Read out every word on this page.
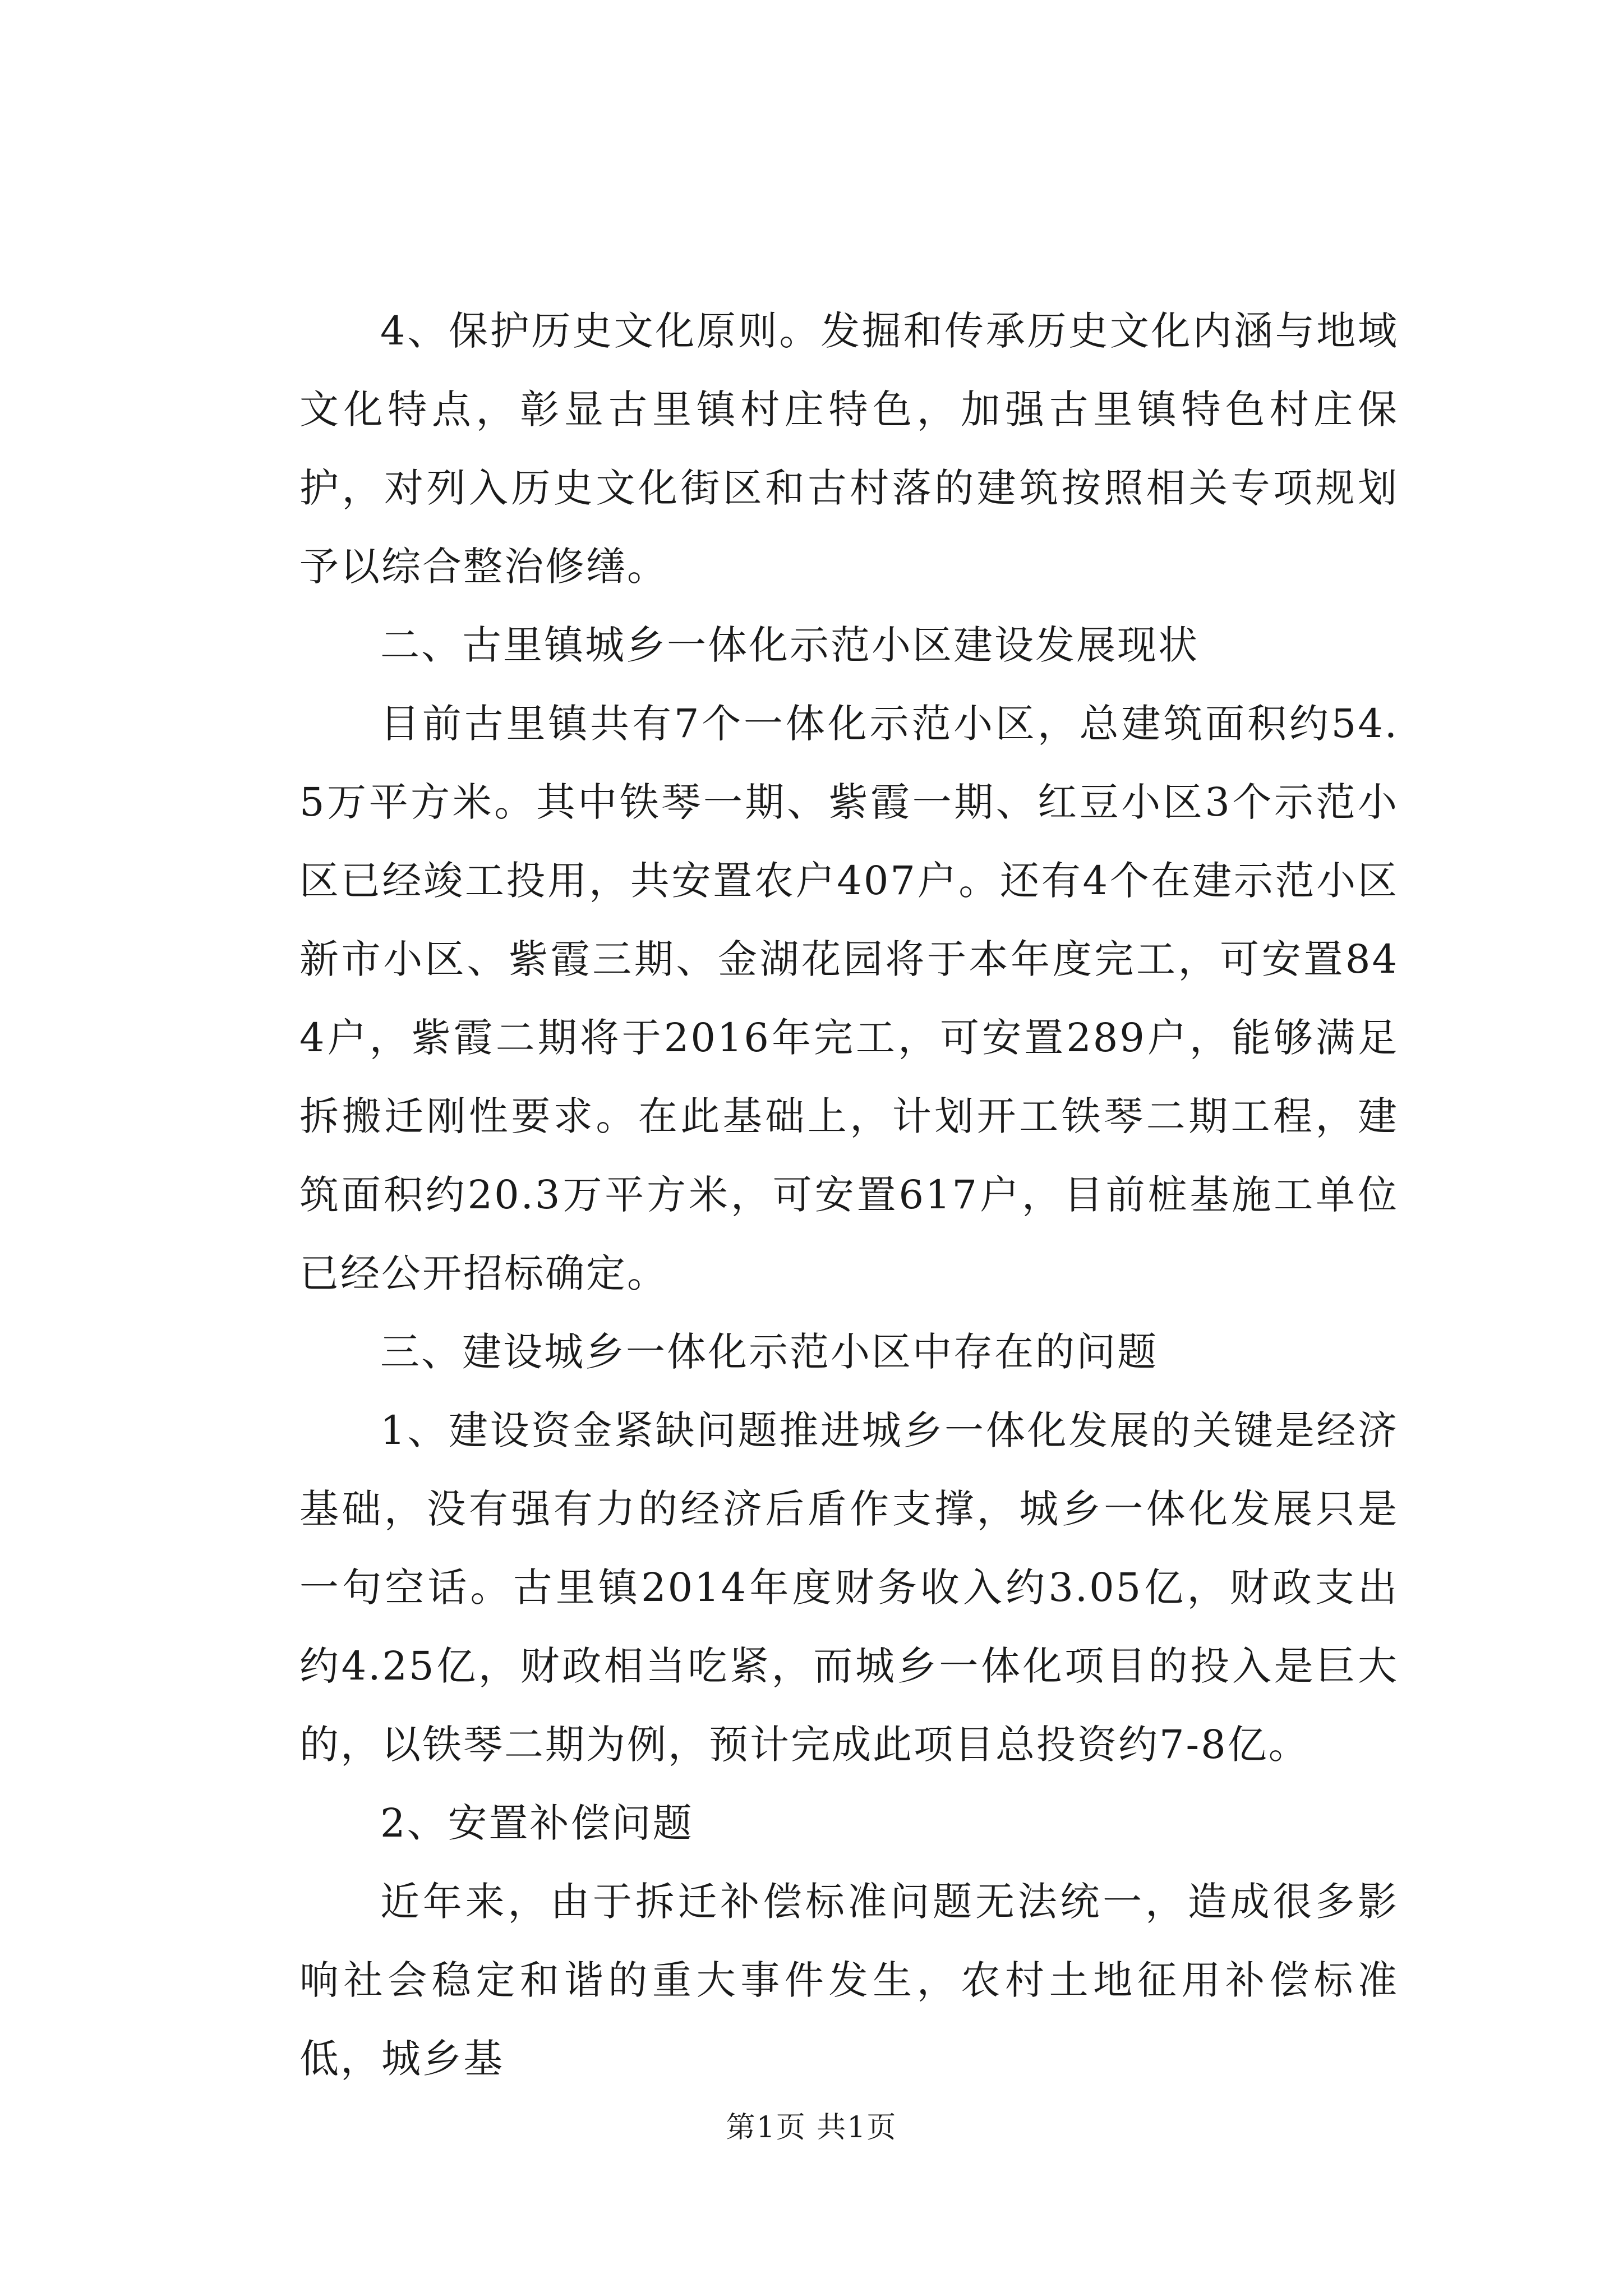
4、保护历史文化原则。发掘和传承历史文化内涵与地域文化特点，彰显古里镇村庄特色，加强古里镇特色村庄保护，对列入历史文化街区和古村落的建筑按照相关专项规划予以综合整治修缮。

二、古里镇城乡一体化示范小区建设发展现状

目前古里镇共有7个一体化示范小区，总建筑面积约54.5万平方米。其中铁琴一期、紫霞一期、红豆小区3个示范小区已经竣工投用，共安置农户407户。还有4个在建示范小区新市小区、紫霞三期、金湖花园将于本年度完工，可安置844户，紫霞二期将于2016年完工，可安置289户，能够满足拆搬迁刚性要求。在此基础上，计划开工铁琴二期工程，建筑面积约20.3万平方米，可安置617户，目前桩基施工单位已经公开招标确定。

三、建设城乡一体化示范小区中存在的问题

1、建设资金紧缺问题推进城乡一体化发展的关键是经济基础，没有强有力的经济后盾作支撑，城乡一体化发展只是一句空话。古里镇2014年度财务收入约3.05亿，财政支出约4.25亿，财政相当吃紧，而城乡一体化项目的投入是巨大的，以铁琴二期为例，预计完成此项目总投资约7-8亿。

2、安置补偿问题

近年来，由于拆迁补偿标准问题无法统一，造成很多影响社会稳定和谐的重大事件发生，农村土地征用补偿标准低，城乡基

第1页 共1页
